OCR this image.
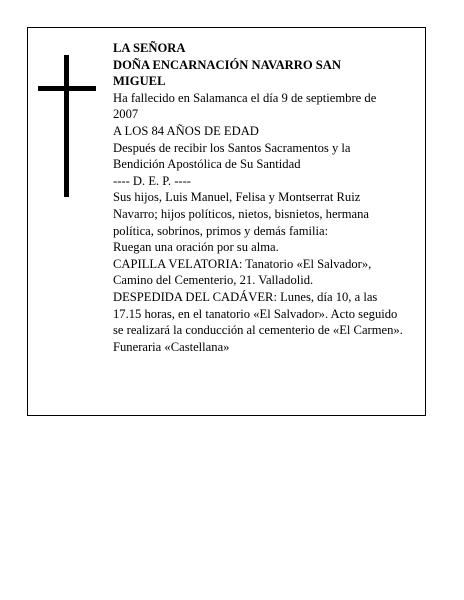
LA SEÑORA
DOÑA ENCARNACIÓN NAVARRO SAN
MIGUEL
Ha fallecido en Salamanca el día 9 de septiembre de
2007
A LOS 84 AÑOS DE EDAD
Después de recibir los Santos Sacramentos y la
Bendición Apostólica de Su Santidad
---- D. E. P. ----
Sus hijos, Luis Manuel, Felisa y Montserrat Ruiz
Navarro; hijos políticos, nietos, bisnietos, hermana
política, sobrinos, primos y demás familia:
Ruegan una oración por su alma.
CAPILLA VELATORIA: Tanatorio «El Salvador»,
Camino del Cementerio, 21. Valladolid.
DESPEDIDA DEL CADÁVER: Lunes, día 10, a las
17.15 horas, en el tanatorio «El Salvador». Acto seguido
se realizará la conducción al cementerio de «El Carmen».
Funeraria «Castellana»
